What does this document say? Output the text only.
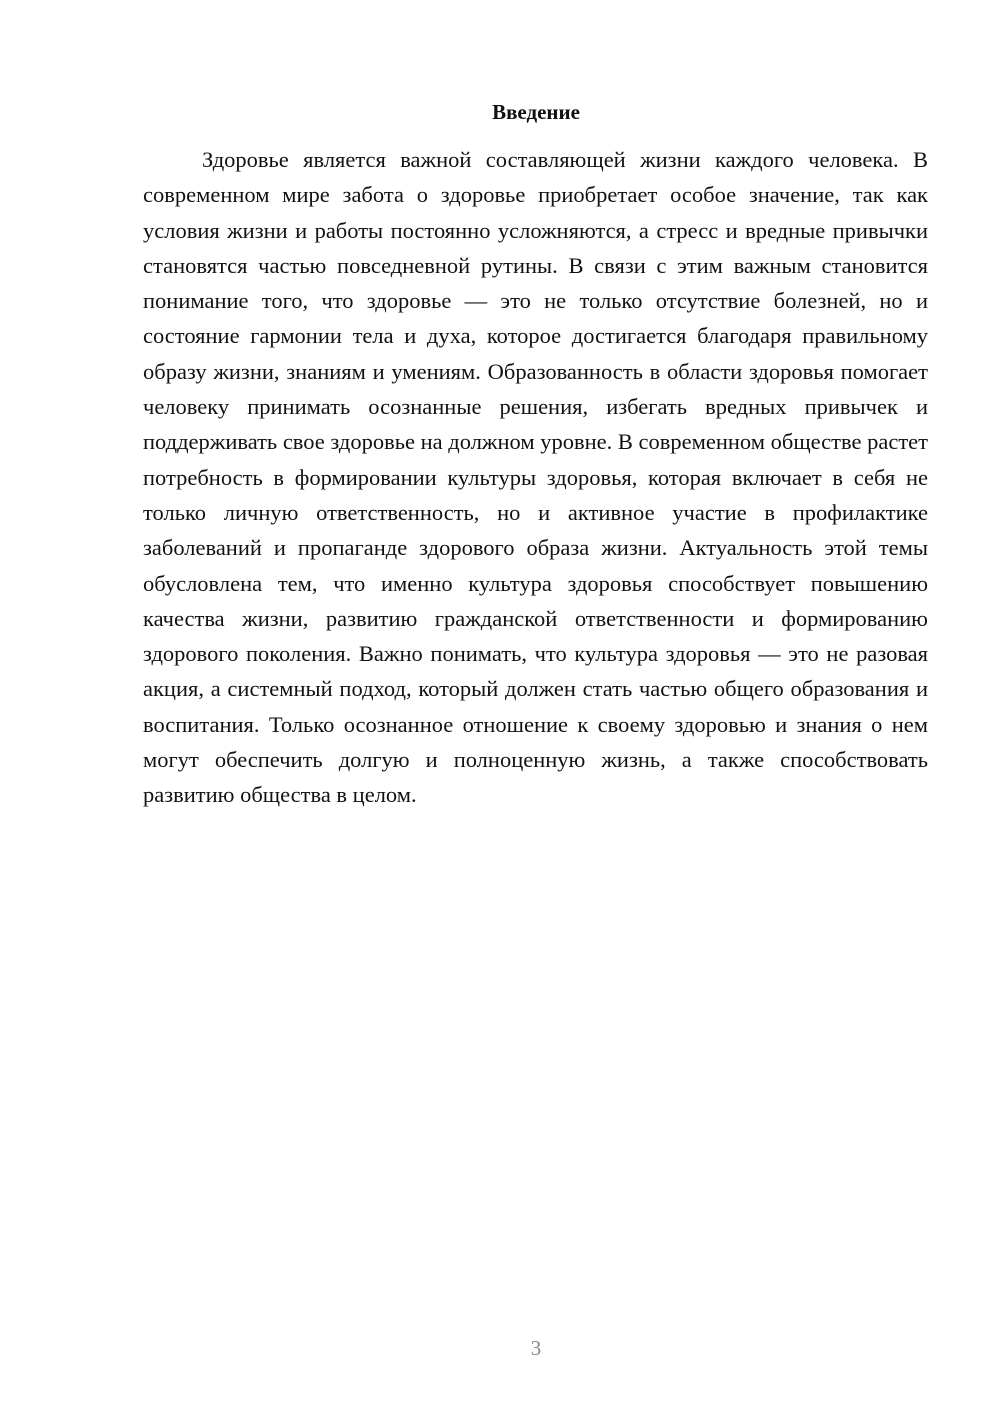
Введение

Здоровье является важной составляющей жизни каждого человека. В современном мире забота о здоровье приобретает особое значение, так как условия жизни и работы постоянно усложняются, а стресс и вредные привычки становятся частью повседневной рутины. В связи с этим важным становится понимание того, что здоровье — это не только отсутствие болезней, но и состояние гармонии тела и духа, которое достигается благодаря правильному образу жизни, знаниям и умениям. Образованность в области здоровья помогает человеку принимать осознанные решения, избегать вредных привычек и поддерживать свое здоровье на должном уровне. В современном обществе растет потребность в формировании культуры здоровья, которая включает в себя не только личную ответственность, но и активное участие в профилактике заболеваний и пропаганде здорового образа жизни. Актуальность этой темы обусловлена тем, что именно культура здоровья способствует повышению качества жизни, развитию гражданской ответственности и формированию здорового поколения. Важно понимать, что культура здоровья — это не разовая акция, а системный подход, который должен стать частью общего образования и воспитания. Только осознанное отношение к своему здоровью и знания о нем могут обеспечить долгую и полноценную жизнь, а также способствовать развитию общества в целом.

3
